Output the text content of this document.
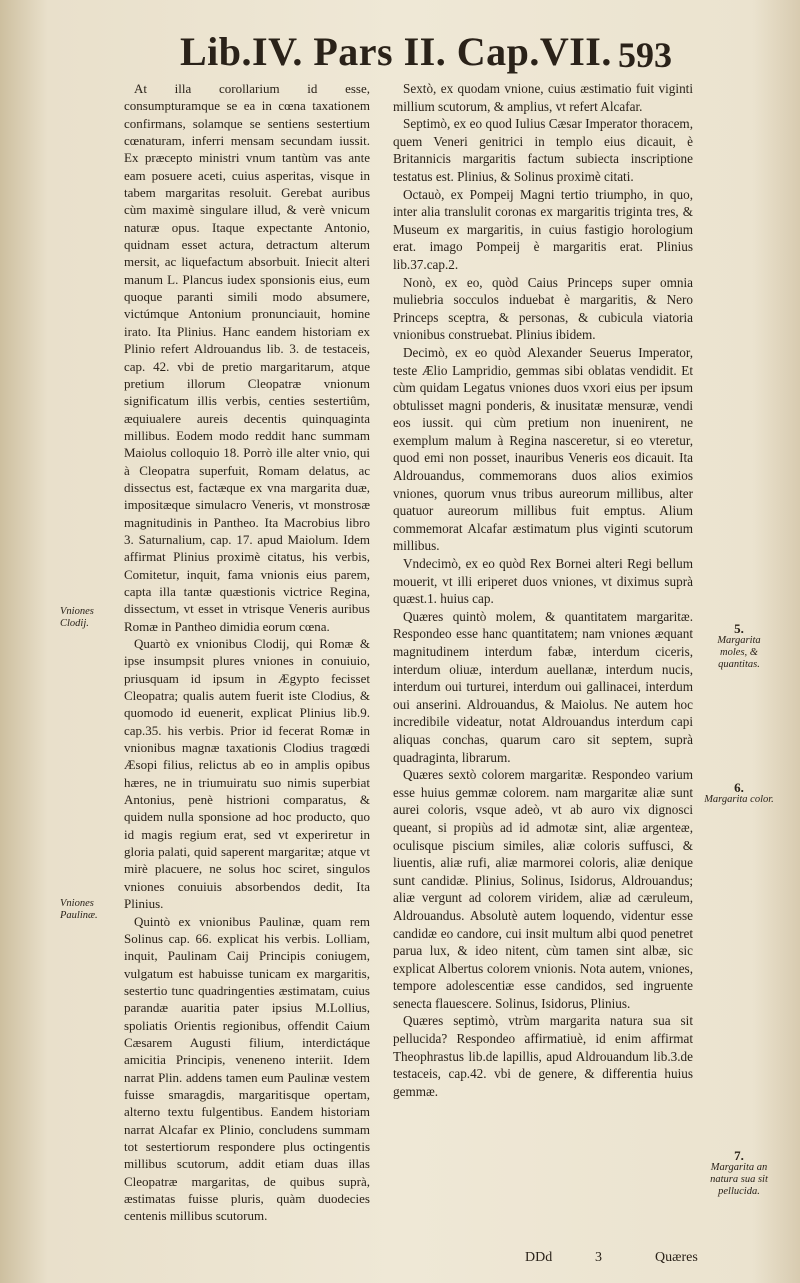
Lib.IV. Pars II. Cap.VII. 593

At illa corollarium id esse, consumpturamque se ea in cœna taxationem confirmans, solamque se sentiens sestertium cœnaturam, inferri mensam secundam iussit. Ex præcepto ministri vnum tantùm vas ante eam posuere aceti, cuius asperitas, visque in tabem margaritas resoluit. Gerebat auribus cùm maximè singulare illud, & verè vnicum naturæ opus. Itaque expectante Antonio, quidnam esset actura, detractum alterum mersit, ac liquefactum absorbuit. Iniecit alteri manum L. Plancus iudex sponsionis eius, eum quoque paranti simili modo absumere, victúmque Antonium pronunciauit, homine irato. Ita Plinius. Hanc eandem historiam ex Plinio refert Aldrouandus lib. 3. de testaceis, cap. 42. vbi de pretio margaritarum, atque pretium illorum Cleopatræ vnionum significatum illis verbis, centies sestertiûm, æquiualere aureis decentis quinquaginta millibus. Eodem modo reddit hanc summam Maiolus colloquio 18. Porrò ille alter vnio, qui à Cleopatra superfuit, Romam delatus, ac dissectus est, factæque ex vna margarita duæ, impositæque simulacro Veneris, vt monstrosæ magnitudinis in Pantheo. Ita Macrobius libro 3. Saturnalium, cap. 17. apud Maiolum. Idem affirmat Plinius proximè citatus, his verbis, Comitetur, inquit, fama vnionis eius parem, capta illa tantæ quæstionis victrice Regina, dissectum, vt esset in vtrisque Veneris auribus Romæ in Pantheo dimidia eorum cœna.

Quartò ex vnionibus Clodij, qui Romæ & ipse insumpsit plures vniones in conuiuio, priusquam id ipsum in Ægypto fecisset Cleopatra; qualis autem fuerit iste Clodius, & quomodo id euenerit, explicat Plinius lib.9. cap.35. his verbis. Prior id fecerat Romæ in vnionibus magnæ taxationis Clodius tragœdi Æsopi filius, relictus ab eo in amplis opibus hæres, ne in triumuiratu suo nimis superbiat Antonius, penè histrioni comparatus, & quidem nulla sponsione ad hoc producto, quo id magis regium erat, sed vt experiretur in gloria palati, quid saperent margaritæ; atque vt mirè placuere, ne solus hoc sciret, singulos vniones conuiuis absorbendos dedit, Ita Plinius.

Quintò ex vnionibus Paulinæ, quam rem Solinus cap. 66. explicat his verbis. Lolliam, inquit, Paulinam Caij Principis coniugem, vulgatum est habuisse tunicam ex margaritis, sestertio tunc quadringenties æstimatam, cuius parandæ auaritia pater ipsius M.Lollius, spoliatis Orientis regionibus, offendit Caium Cæsarem Augusti filium, interdictáque amicitia Principis, veneneno interiit. Idem narrat Plin. addens tamen eum Paulinæ vestem fuisse smaragdis, margaritisque opertam, alterno textu fulgentibus. Eandem historiam narrat Alcafar ex Plinio, concludens summam tot sestertiorum respondere plus octingentis millibus scutorum, addit etiam duas illas Cleopatræ margaritas, de quibus suprà, æstimatas fuisse pluris, quàm duodecies centenis millibus scutorum.

Sextò, ex quodam vnione, cuius æstimatio fuit viginti millium scutorum, & amplius, vt refert Alcafar.

Septimò, ex eo quod Iulius Cæsar Imperator thoracem, quem Veneri genitrici in templo eius dicauit, è Britannicis margaritis factum subiecta inscriptione testatus est. Plinius, & Solinus proximè citati.

Octauò, ex Pompeij Magni tertio triumpho, in quo, inter alia translulit coronas ex margaritis triginta tres, & Museum ex margaritis, in cuius fastigio horologium erat. imago Pompeij è margaritis erat. Plinius lib.37.cap.2.

Nonò, ex eo, quòd Caius Princeps super omnia muliebria socculos induebat è margaritis, & Nero Princeps sceptra, & personas, & cubicula viatoria vnionibus construebat. Plinius ibidem.

Decimò, ex eo quòd Alexander Seuerus Imperator, teste Ælio Lampridio, gemmas sibi oblatas vendidit. Et cùm quidam Legatus vniones duos vxori eius per ipsum obtulisset magni ponderis, & inusitatæ mensuræ, vendi eos iussit. qui cùm pretium non inuenirent, ne exemplum malum à Regina nasceretur, si eo vteretur, quod emi non posset, inauribus Veneris eos dicauit. Ita Aldrouandus, commemorans duos alios eximios vniones, quorum vnus tribus aureorum millibus, alter quatuor aureorum millibus fuit emptus. Alium commemorat Alcafar æstimatum plus viginti scutorum millibus.

Vndecimò, ex eo quòd Rex Bornei alteri Regi bellum mouerit, vt illi eriperet duos vniones, vt diximus suprà quæst.1. huius cap.

Quæres quintò molem, & quantitatem margaritæ. Respondeo esse hanc quantitatem; nam vniones æquant magnitudinem interdum fabæ, interdum ciceris, interdum oliuæ, interdum auellanæ, interdum nucis, interdum oui turturei, interdum oui gallinacei, interdum oui anserini. Aldrouandus, & Maiolus. Ne autem hoc incredibile videatur, notat Aldrouandus interdum capi aliquas conchas, quarum caro sit septem, suprà quadraginta, librarum.

Quæres sextò colorem margaritæ. Respondeo varium esse huius gemmæ colorem. nam margaritæ aliæ sunt aurei coloris, vsque adeò, vt ab auro vix dignosci queant, si propiùs ad id admotæ sint, aliæ argenteæ, oculisque piscium similes, aliæ coloris suffusci, & liuentis, aliæ rufi, aliæ marmorei coloris, aliæ denique sunt candidæ. Plinius, Solinus, Isidorus, Aldrouandus; aliæ vergunt ad colorem viridem, aliæ ad cæruleum, Aldrouandus. Absolutè autem loquendo, videntur esse candidæ eo candore, cui insit multum albi quod penetret parua lux, & ideo nitent, cùm tamen sint albæ, sic explicat Albertus colorem vnionis. Nota autem, vniones, tempore adolescentiæ esse candidos, sed ingruente senecta flauescere. Solinus, Isidorus, Plinius.

Quæres septimò, vtrùm margarita natura sua sit pellucida? Respondeo affirmatiuè, id enim affirmat Theophrastus lib.de lapillis, apud Aldrouandum lib.3.de testaceis, cap.42. vbi de genere, & differentia huius gemmæ.

Vniones Clodij.
Vniones Paulinæ.
5.
Margarita moles, & quantitas.
6.
Margarita color.
7.
Margarita an natura sua sit pellucida.
DDd	3	Quæres
